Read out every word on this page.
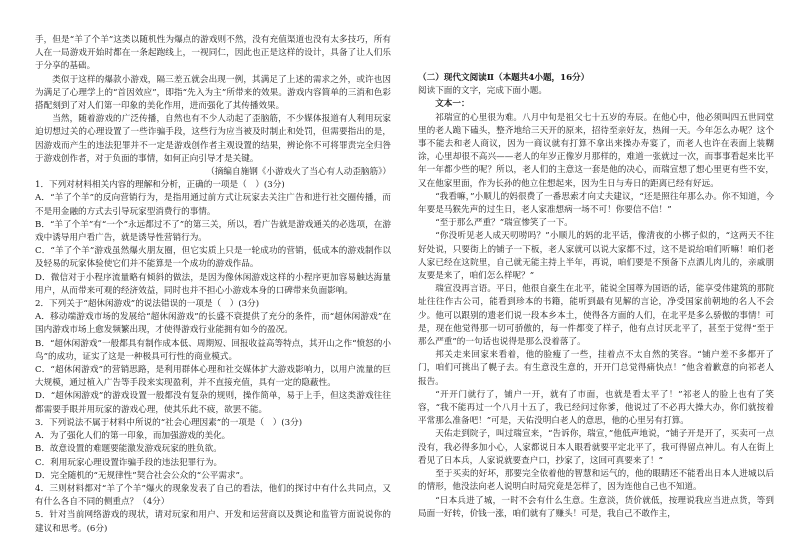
手，但是“羊了个羊”这类以随机性为爆点的游戏则不然，没有充值渠道也没有太多技巧，所有人在一局游戏开始时都在一条起跑线上，一视同仁，因此也正是这样的设计，具备了让人们乐于分享的基础。

类似于这样的爆款小游戏，隔三差五就会出现一例，其满足了上述的需求之外，或许也因为满足了心理学上的“首因效应”，即指“先入为主”所带来的效果。游戏内容简单的三消和色彩搭配刻到了对人们第一印象的美化作用，进而强化了其传播效果。

当然，随着游戏的广泛传播，自然也有不少人动起了歪脑筋，不少媒体报道有人利用玩家迫切想过关的心理设置了一些诈骗手段，这些行为应当被及时制止和处罚，但需要指出的是，因游戏而产生的违法犯罪并不一定是游戏创作者主观设置的结果，辨论你不可将罪责完全归咎于游戏创作者，对于负面的事情，如何正向引导才是关键。

（摘编自施钢《小游戏火了当心有人动歪脑筋》）

1．下列对材料相关内容的理解和分析，正确的一项是（　）(3分)

A．“羊了个羊”的反向营销行为，是指用通过前方式让玩家去关注广告和进行社交圈传播，而不是用金融的方式去引导玩家型消费行的事情。

B．“羊了个羊”有“一个”永远都过不了”的第三关，所以，看广告就是游戏通关的必选项，在游戏中诱导用户看广告，就是诱导性营销行为。

C．“羊了个羊”游戏虽然爆火朋友圈，但它实质上只是一轮成功的营销，低成本的游戏制作以及轻易的玩家体验使它们并不能算是一个成功的游戏作品。

D．微信对于小程序流量略有倾斜的做法，是因为像休闲游戏这样的小程序更加容易触达海量用户，从而带来可观的经济效益，同时也并不担心小游戏本身的口碑带来负面影响。

2．下列关于“超休闲游戏”的说法错误的一项是（　）(3分)

A．移动端游戏市场的发展给“超休闲游戏”的长盛不衰提供了充分的条件，而“超休闲游戏”在国内游戏市场上愈发频繁出现，才使得游戏行业能拥有如今的盈况。

B．“超休闲游戏”一般都具有制作成本低、周期短、回报收益高等特点，其开山之作“愤怒的小鸟”的成功，证实了这是一种极具可行性的商业模式。

C．“超休闲游戏”的营销思路，是利用群体心理和社交媒体扩大游戏影响力，以用户流量的巨大规模，通过植入广告等手段来实现盈利，并不直接充值，具有一定的隐蔽性。

D．“超休闲游戏”的游戏设置一般都没有复杂的规则，操作简单，易于上手，但这类游戏往往都需要手眼并用玩家的游戏心理，使其乐此不疲，欲罢不能。

3．下列说法不属于材料中所说的“社会心理因素”的一项是（　）(3分)

A．为了强化人们的第一印象，而加强游戏的美化。

B．故意设置的难题要能激发游戏玩家的胜负欲。

C．利用玩家心理设置诈骗手段的违法犯罪行为。

D．完全随机的“无规律性”契合社会公众的“公平需求”。

4．三则材料都对“羊了个羊”爆火的现象发表了自己的看法，他们的探讨中有什么共同点，又有什么各自不同的侧重点？（4分）

5．针对当前网络游戏的现状，请对玩家和用户、开发和运营商以及舆论和监管方面说说你的建议和思考。(6分)

（二）现代文阅读Ⅱ（本题共4小题，16分）

阅读下面的文字，完成下面小题。

文本一：

祁瑞宣的心里很为难。八月中旬是祖父七十五岁的寿辰。在他心中，他必须叫四五世同堂里的老人跪下磕头，整齐地给三天开的原来，招待至亲好友，热闹一天。今年怎么办呢？这个事不能去和老人商议，因为一商议就有打算不拿出来操办寿宴了，而老人也许在表面上装糊涂，心里却很不高兴——老人的年岁正像岁月那样的，难道一张就过一次，而事事看起来比平年一年都少些的呢？所以，老人们的主意这一套是他的决心，而瑞宣想了想心里更有些不安，又在他家里面，作为长孙的他立住想起来，因为生日与寿日的距离已经有好远。

“我看嘛，”小顺儿的妈很费了一番思索才向丈夫建议，“还是照往年那么办。你不知道，今年要是马猴先声的过生日，老人家准想病一场不可！你要信不信！”

“至于那么严重？”瑞宣惨笑了一下。

“你没听见老人成天叨唠吗？”小顺儿的妈的北平话，像清夜的小梆子似的，“这两天不往好处说，只要街上的铺子一下板，老人家就可以说大家都不过，这不是说给咱们听嘛！咱们老人家已经在这院里，自己就无能主持上半年，再说，咱们要是不预备下点酒儿肉儿的，亲戚朋友要是来了，咱们怎么样呢？”

瑞宣没再言语。平日，他很自豪生在北平，能说全国尊为国语的话，能享受伟建筑的那院址往往作古公司，能看到珍本的书籍，能听到最有见解的言论，净受国家前朝地的名人不会少。他可以跟别的遗老们说一段本乡本土，使得各方面的人们，在北平是多么骄傲的事情！可是，现在他觉得那一切可骄傲的，每一件都变了样子，他有点讨厌北平了，甚至于觉得“至于那么严重”的一句话也说得是那么没着落了。

邦关走来回家来看着，他的脸瘦了一些，挂着点不太自然的笑容。“铺户差不多都开了门，咱们可挑出了幌子去。有生意没生意的，开开门总觉得痛快点！”他含着歉意的向祁老人报告。

“开开门就行了，铺户一开，就有了市面，也就是看太平了！”祁老人的脸上也有了笑容，“我不能再过一个八月十五了，我已经问过你爹，他说过了不必再大操大办，你们就按着平常那么准备吧！”可是，天佑没明白老人的意思，他的心里另有打算。

天佑走到院子，叫过瑞宣来，“告诉你，瑞宣，”他低声地说，“铺子开是开了，买卖可一点没有，我必得多加小心，人家都说日本人眼看就要平定北平了，我可得留点神儿。有人在街上看见了日本兵，人家说就要查户口，抄家了，这回可真要来了！”

至于买卖的好坏，那要完全依着他的智慧和运气的，他的眼睛还不能看出日本人进城以后的情形，他没法向老人说明白时局究竟是怎样了，因为连他自己也不知道。

“日本兵进了城，一时不会有什么生意。生意淡，货价就低，按理说我应当进点货，等到局面一好转，价钱一涨，咱们就有了赚头！可是，我自己不敢作主，
